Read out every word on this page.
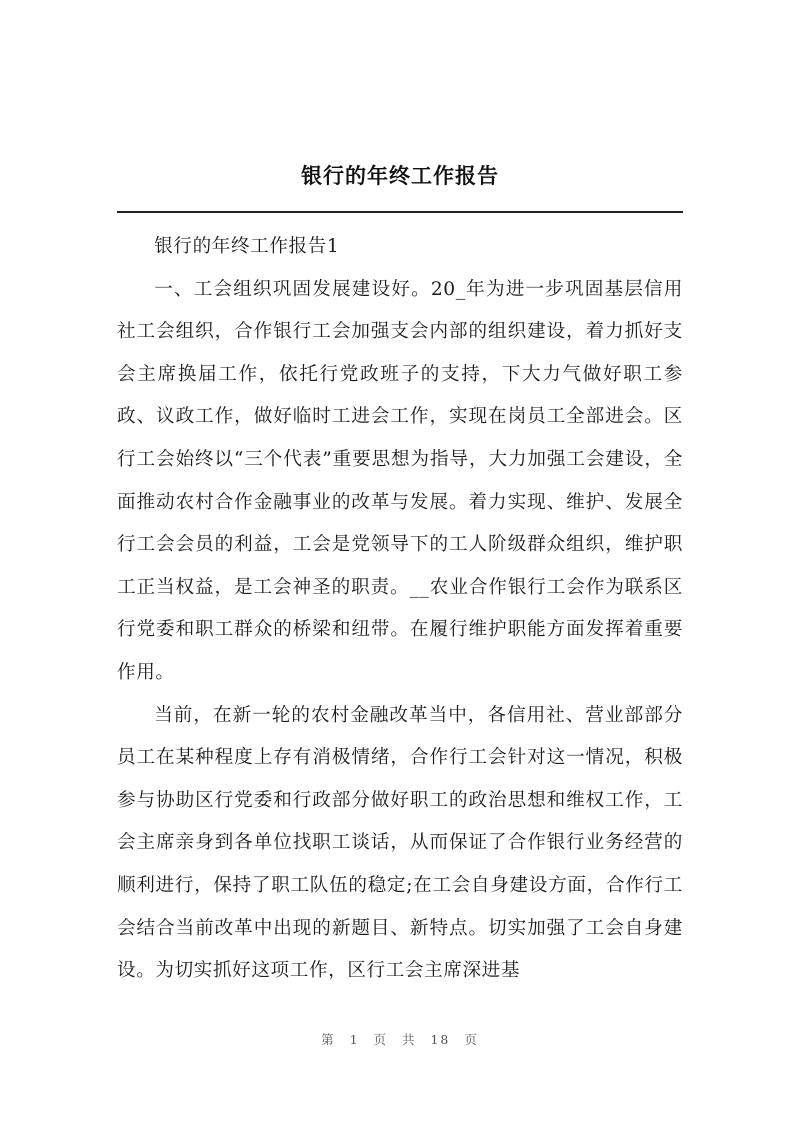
银行的年终工作报告

银行的年终工作报告1

一、工会组织巩固发展建设好。20_年为进一步巩固基层信用社工会组织，合作银行工会加强支会内部的组织建设，着力抓好支会主席换届工作，依托行党政班子的支持，下大力气做好职工参政、议政工作，做好临时工进会工作，实现在岗员工全部进会。区行工会始终以“三个代表”重要思想为指导，大力加强工会建设，全面推动农村合作金融事业的改革与发展。着力实现、维护、发展全行工会会员的利益，工会是党领导下的工人阶级群众组织，维护职工正当权益，是工会神圣的职责。__农业合作银行工会作为联系区行党委和职工群众的桥梁和纽带。在履行维护职能方面发挥着重要作用。

当前，在新一轮的农村金融改革当中，各信用社、营业部部分员工在某种程度上存有消极情绪，合作行工会针对这一情况，积极参与协助区行党委和行政部分做好职工的政治思想和维权工作，工会主席亲身到各单位找职工谈话，从而保证了合作银行业务经营的顺利进行，保持了职工队伍的稳定;在工会自身建设方面，合作行工会结合当前改革中出现的新题目、新特点。切实加强了工会自身建设。为切实抓好这项工作，区行工会主席深进基

第 1 页 共 18 页
